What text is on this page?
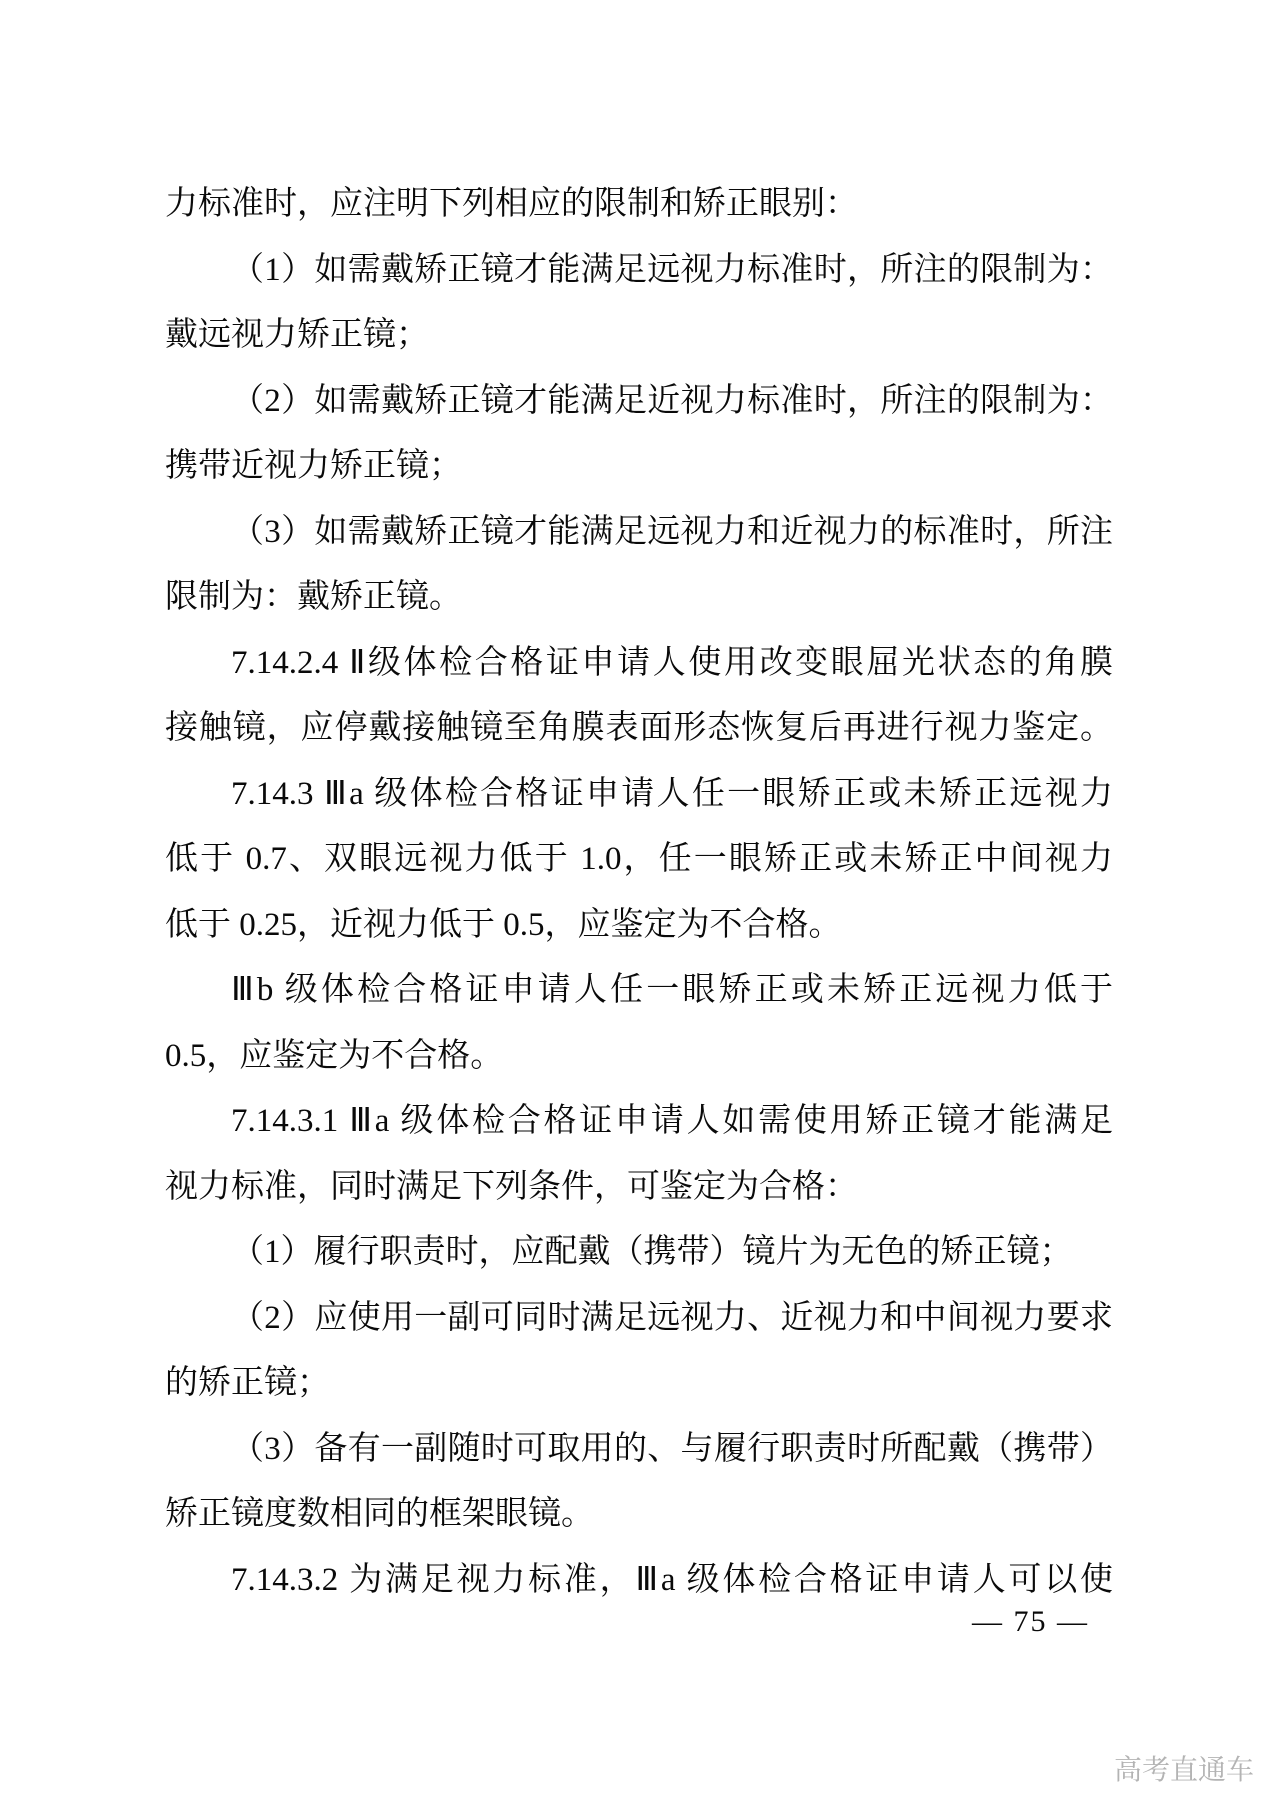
力标准时，应注明下列相应的限制和矫正眼别：
（1）如需戴矫正镜才能满足远视力标准时，所注的限制为：
戴远视力矫正镜；
（2）如需戴矫正镜才能满足近视力标准时，所注的限制为：
携带近视力矫正镜；
（3）如需戴矫正镜才能满足远视力和近视力的标准时，所注
限制为：戴矫正镜。
7.14.2.4 Ⅱ级体检合格证申请人使用改变眼屈光状态的角膜
接触镜，应停戴接触镜至角膜表面形态恢复后再进行视力鉴定。
7.14.3 Ⅲa 级体检合格证申请人任一眼矫正或未矫正远视力
低于 0.7、双眼远视力低于 1.0，任一眼矫正或未矫正中间视力
低于 0.25，近视力低于 0.5，应鉴定为不合格。
Ⅲb 级体检合格证申请人任一眼矫正或未矫正远视力低于
0.5，应鉴定为不合格。
7.14.3.1 Ⅲa 级体检合格证申请人如需使用矫正镜才能满足
视力标准，同时满足下列条件，可鉴定为合格：
（1）履行职责时，应配戴（携带）镜片为无色的矫正镜；
（2）应使用一副可同时满足远视力、近视力和中间视力要求
的矫正镜；
（3）备有一副随时可取用的、与履行职责时所配戴（携带）
矫正镜度数相同的框架眼镜。
7.14.3.2 为满足视力标准，Ⅲa 级体检合格证申请人可以使
— 75 —
高考直通车
